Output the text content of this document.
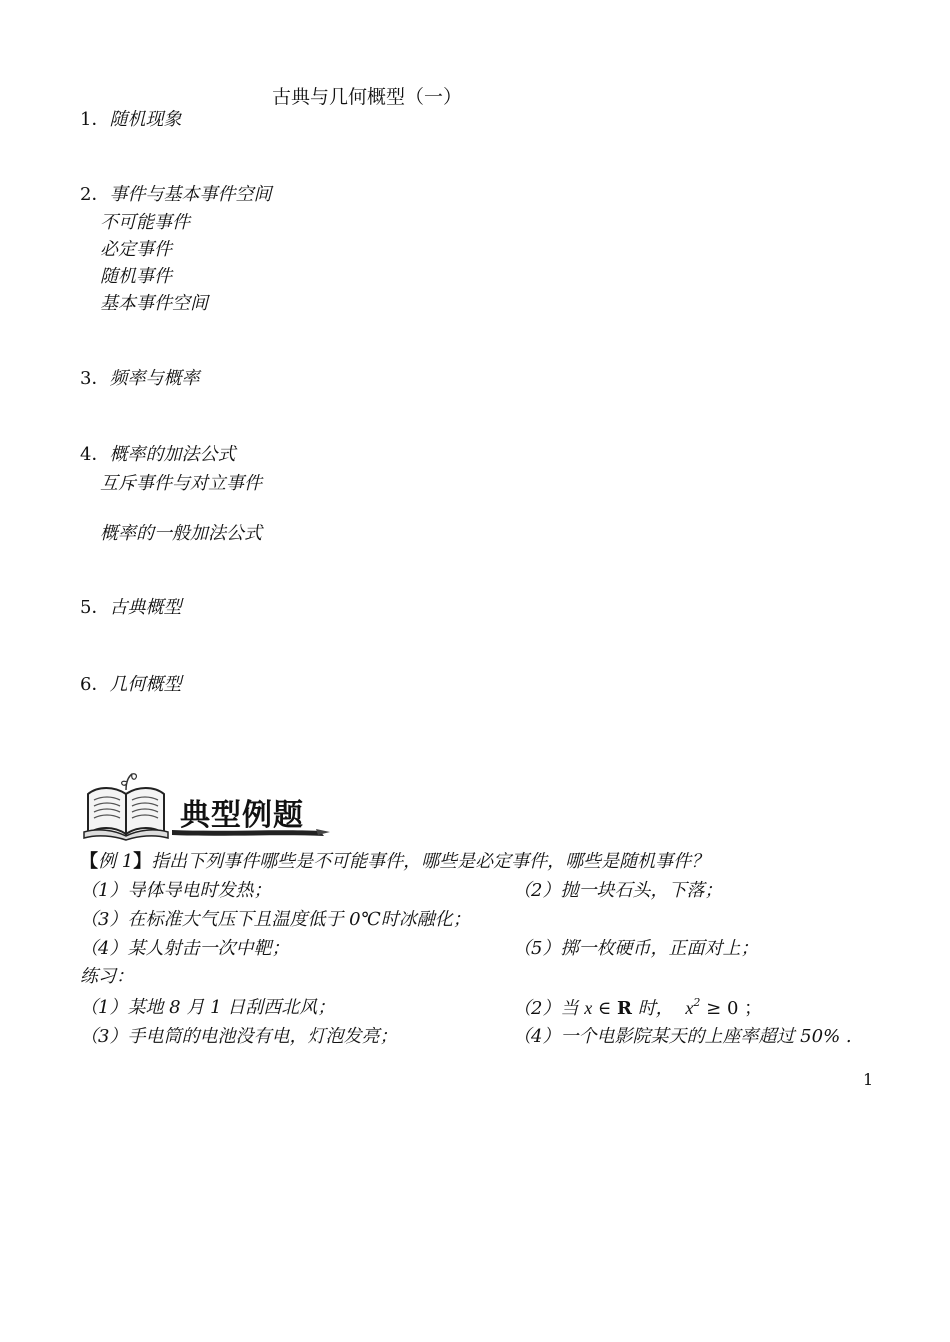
古典与几何概型（一）
1．随机现象
2．事件与基本事件空间
不可能事件
必定事件
随机事件
基本事件空间
3．频率与概率
4．概率的加法公式
互斥事件与对立事件
概率的一般加法公式
5．古典概型
6．几何概型
典型例题
【例 1】指出下列事件哪些是不可能事件，哪些是必定事件，哪些是随机事件？
（1）导体导电时发热；	（2）抛一块石头，下落；
（3）在标准大气压下且温度低于 0℃时冰融化；
（4）某人射击一次中靶；	（5）掷一枚硬币，正面对上；
练习：
（1）某地 8 月 1 日刮西北风；	（2）当 x ∈ R 时， $x^2 \ge 0$ ；
（3）手电筒的电池没有电，灯泡发亮；	（4）一个电影院某天的上座率超过 50% .
1
